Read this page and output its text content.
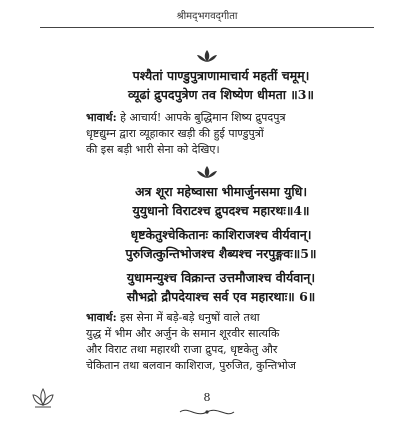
श्रीमद्‌भगवद्‌गीता

पश्यैतां पाण्डुपुत्राणामाचार्य महतीं चमूम्‌।
व्यूढां द्रुपदपुत्रेण तव शिष्येण धीमता ॥3॥

भावार्थ: हे आचार्य! आपके बुद्धिमान शिष्य द्रुपदपुत्र
धृष्टद्युम्न द्वारा व्यूहाकार खड़ी की हुई पाण्डुपुत्रों
की इस बड़ी भारी सेना को देखिए।

अत्र शूरा महेष्वासा भीमार्जुनसमा युधि।
युयुधानो विराटश्च द्रुपदश्च महारथः॥4॥

धृष्टकेतुश्चेकितानः काशिराजश्च वीर्यवान्‌।
पुरुजित्कुन्तिभोजश्च शैब्यश्च नरपुङ्गवः॥5॥

युधामन्युश्च विक्रान्त उत्तमौजाश्च वीर्यवान्‌।
सौभद्रो द्रौपदेयाश्च सर्व एव महारथाः॥ 6॥

भावार्थ: इस सेना में बड़े-बड़े धनुषों वाले तथा
युद्ध में भीम और अर्जुन के समान शूरवीर सात्यकि
और विराट तथा महारथी राजा द्रुपद, धृष्टकेतु और
चेकितान तथा बलवान काशिराज, पुरुजित, कुन्तिभोज

8
